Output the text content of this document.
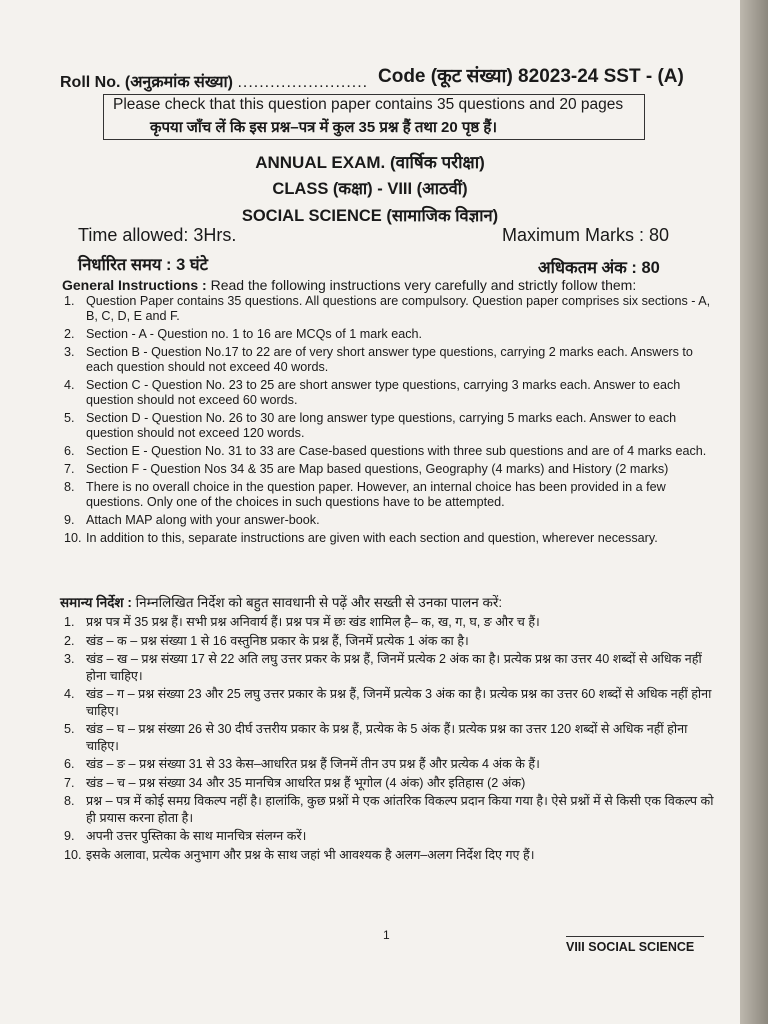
Roll No. (अनुक्रमांक संख्या) ........................ Code (कूट संख्या) 82023-24 SST - (A)
Please check that this question paper contains 35 questions and 20 pages
कृपया जाँच लें कि इस प्रश्न–पत्र में कुल 35 प्रश्न हैं तथा 20 पृष्ठ हैं।
ANNUAL EXAM. (वार्षिक परीक्षा)
CLASS (कक्षा) - VIII (आठवीं)
SOCIAL SCIENCE (सामाजिक विज्ञान)
Time allowed: 3Hrs.	Maximum Marks : 80
निर्धारित समय : 3 घंटे	अधिकतम अंक : 80
General Instructions : Read the following instructions very carefully and strictly follow them:
1. Question Paper contains 35 questions. All questions are compulsory. Question paper comprises six sections - A, B, C, D, E and F.
2. Section - A - Question no. 1 to 16 are MCQs of 1 mark each.
3. Section B - Question No.17 to 22 are of very short answer type questions, carrying 2 marks each. Answers to each question should not exceed 40 words.
4. Section C - Question No. 23 to 25 are short answer type questions, carrying 3 marks each. Answer to each question should not exceed 60 words.
5. Section D - Question No. 26 to 30 are long answer type questions, carrying 5 marks each. Answer to each question should not exceed 120 words.
6. Section E - Question No. 31 to 33 are Case-based questions with three sub questions and are of 4 marks each.
7. Section F - Question Nos 34 & 35 are Map based questions, Geography (4 marks) and History (2 marks)
8. There is no overall choice in the question paper. However, an internal choice has been provided in a few questions. Only one of the choices in such questions have to be attempted.
9. Attach MAP along with your answer-book.
10. In addition to this, separate instructions are given with each section and question, wherever necessary.
समान्य निर्देश : निम्नलिखित निर्देश को बहुत सावधानी से पढ़ें और सख्ती से उनका पालन करें:
1. प्रश्न पत्र में 35 प्रश्न हैं। सभी प्रश्न अनिवार्य हैं। प्रश्न पत्र में छः खंड शामिल है– क, ख, ग, घ, ङ और च हैं।
2. खंड – क – प्रश्न संख्या 1 से 16 वस्तुनिष्ठ प्रकार के प्रश्न हैं, जिनमें प्रत्येक 1 अंक का है।
3. खंड – ख – प्रश्न संख्या 17 से 22 अति लघु उत्तर प्रकर के प्रश्न हैं, जिनमें प्रत्येक 2 अंक का है। प्रत्येक प्रश्न का उत्तर 40 शब्दों से अधिक नहीं होना चाहिए।
4. खंड – ग – प्रश्न संख्या 23 और 25 लघु उत्तर प्रकार के प्रश्न हैं, जिनमें प्रत्येक 3 अंक का है। प्रत्येक प्रश्न का उत्तर 60 शब्दों से अधिक नहीं होना चाहिए।
5. खंड – घ – प्रश्न संख्या 26 से 30 दीर्घ उत्तरीय प्रकार के प्रश्न हैं, प्रत्येक के 5 अंक हैं। प्रत्येक प्रश्न का उत्तर 120 शब्दों से अधिक नहीं होना चाहिए।
6. खंड – ङ – प्रश्न संख्या 31 से 33 केस–आधरित प्रश्न हैं जिनमें तीन उप प्रश्न हैं और प्रत्येक 4 अंक के हैं।
7. खंड – च – प्रश्न संख्या 34 और 35 मानचित्र आधरित प्रश्न हैं भूगोल (4 अंक) और इतिहास (2 अंक)
8. प्रश्न – पत्र में कोई समग्र विकल्प नहीं है। हालांकि, कुछ प्रश्नों मे एक आंतरिक विकल्प प्रदान किया गया है। ऐसे प्रश्नों में से किसी एक विकल्प को ही प्रयास करना होता है।
9. अपनी उत्तर पुस्तिका के साथ मानचित्र संलग्न करें।
10. इसके अलावा, प्रत्येक अनुभाग और प्रश्न के साथ जहां भी आवश्यक है अलग–अलग निर्देश दिए गए हैं।
1
VIII SOCIAL SCIENCE
